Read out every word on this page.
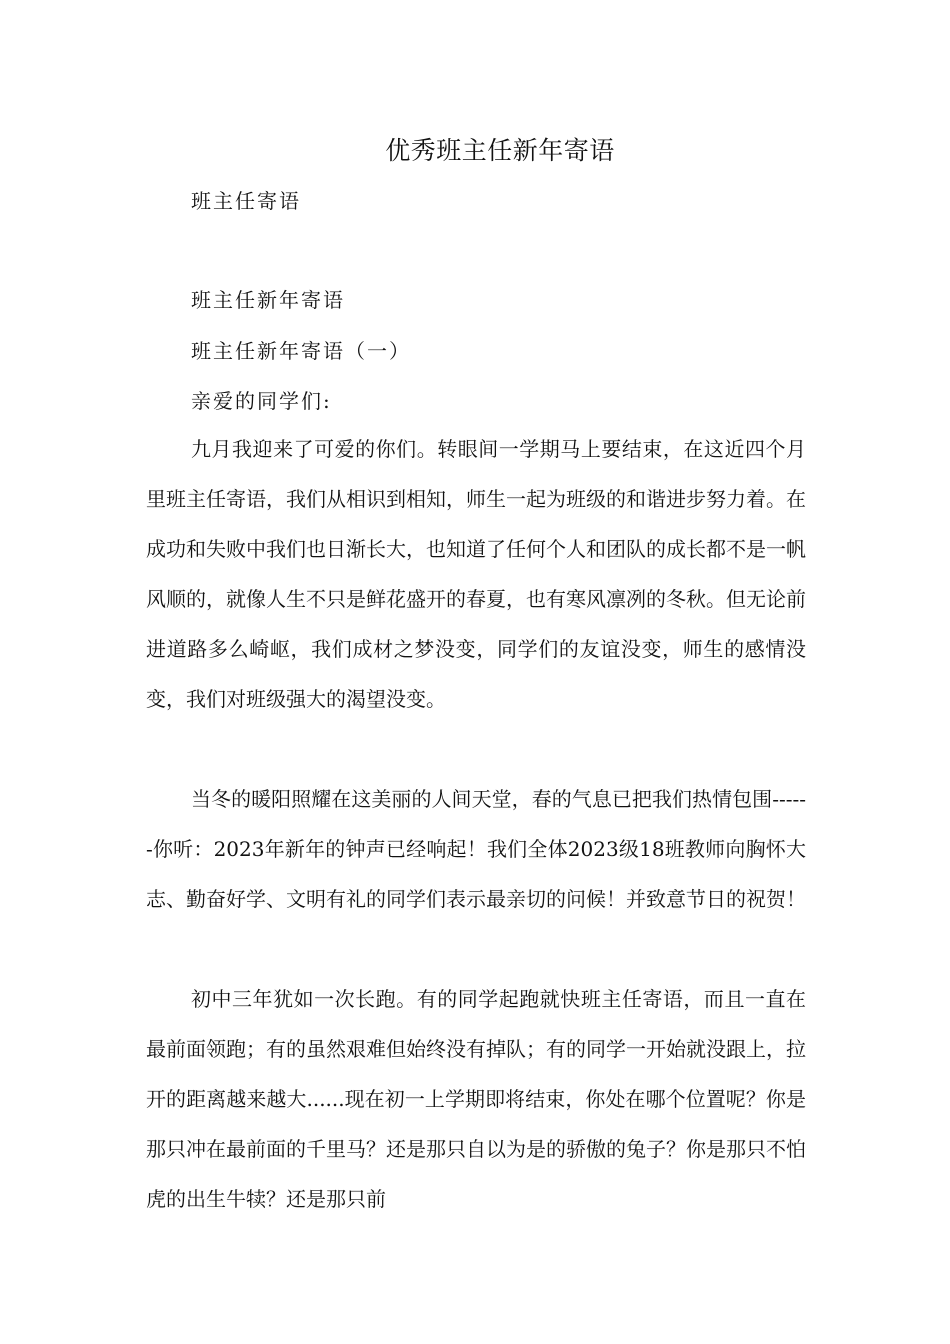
优秀班主任新年寄语
班主任寄语
班主任新年寄语
班主任新年寄语（一）
亲爱的同学们:

九月我迎来了可爱的你们。转眼间一学期马上要结束，在这近四个月里班主任寄语，我们从相识到相知，师生一起为班级的和谐进步努力着。在成功和失败中我们也日渐长大，也知道了任何个人和团队的成长都不是一帆风顺的，就像人生不只是鲜花盛开的春夏，也有寒风凛冽的冬秋。但无论前进道路多么崎岖，我们成材之梦没变，同学们的友谊没变，师生的感情没变，我们对班级强大的渴望没变。

当冬的暖阳照耀在这美丽的人间天堂，春的气息已把我们热情包围------你听：2023年新年的钟声已经响起！我们全体2023级18班教师向胸怀大志、勤奋好学、文明有礼的同学们表示最亲切的问候！并致意节日的祝贺！

初中三年犹如一次长跑。有的同学起跑就快班主任寄语，而且一直在最前面领跑；有的虽然艰难但始终没有掉队；有的同学一开始就没跟上，拉开的距离越来越大......现在初一上学期即将结束，你处在哪个位置呢？你是那只冲在最前面的千里马？还是那只自以为是的骄傲的兔子？你是那只不怕虎的出生牛犊？还是那只前
